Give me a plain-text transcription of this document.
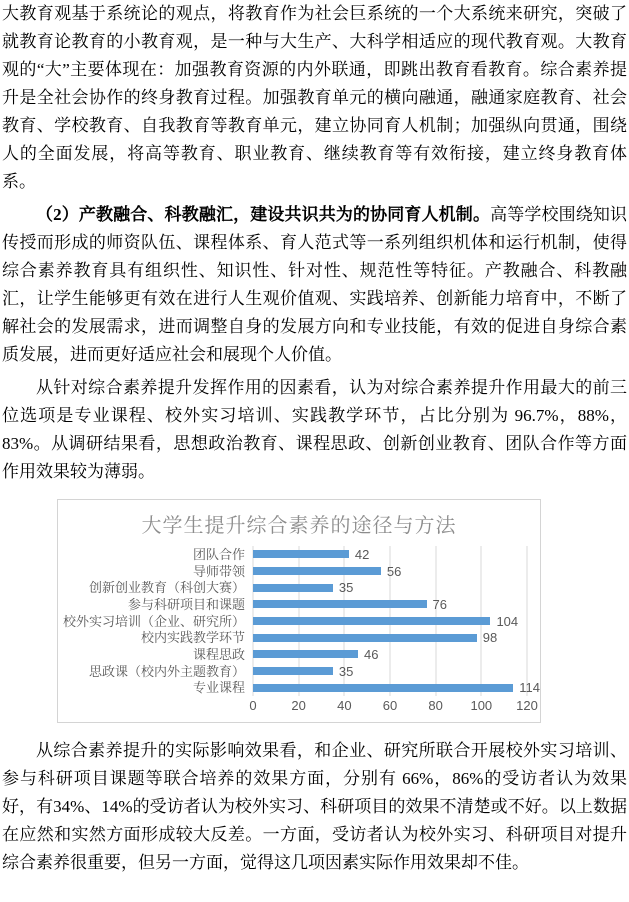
大教育观基于系统论的观点，将教育作为社会巨系统的一个大系统来研究，突破了就教育论教育的小教育观，是一种与大生产、大科学相适应的现代教育观。大教育观的“大”主要体现在：加强教育资源的内外联通，即跳出教育看教育。综合素养提升是全社会协作的终身教育过程。加强教育单元的横向融通，融通家庭教育、社会教育、学校教育、自我教育等教育单元，建立协同育人机制；加强纵向贯通，围绕人的全面发展，将高等教育、职业教育、继续教育等有效衔接，建立终身教育体系。

（2）产教融合、科教融汇，建设共识共为的协同育人机制。高等学校围绕知识传授而形成的师资队伍、课程体系、育人范式等一系列组织机体和运行机制，使得综合素养教育具有组织性、知识性、针对性、规范性等特征。产教融合、科教融汇，让学生能够更有效在进行人生观价值观、实践培养、创新能力培育中，不断了解社会的发展需求，进而调整自身的发展方向和专业技能，有效的促进自身综合素质发展，进而更好适应社会和展现个人价值。

从针对综合素养提升发挥作用的因素看，认为对综合素养提升作用最大的前三位选项是专业课程、校外实习培训、实践教学环节，占比分别为 96.7%，88%，83%。从调研结果看，思想政治教育、课程思政、创新创业教育、团队合作等方面作用效果较为薄弱。

大学生提升综合素养的途径与方法
团队合作	42
导师带领	56
创新创业教育（科创大赛）	35
参与科研项目和课题	76
校外实习培训（企业、研究所）	104
校内实践教学环节	98
课程思政	46
思政课（校内外主题教育）	35
专业课程	114
0	20 40 60 80 100 120

从综合素养提升的实际影响效果看，和企业、研究所联合开展校外实习培训、参与科研项目课题等联合培养的效果方面，分别有 66%，86%的受访者认为效果好，有34%、14%的受访者认为校外实习、科研项目的效果不清楚或不好。以上数据在应然和实然方面形成较大反差。一方面，受访者认为校外实习、科研项目对提升综合素养很重要，但另一方面，觉得这几项因素实际作用效果却不佳。
